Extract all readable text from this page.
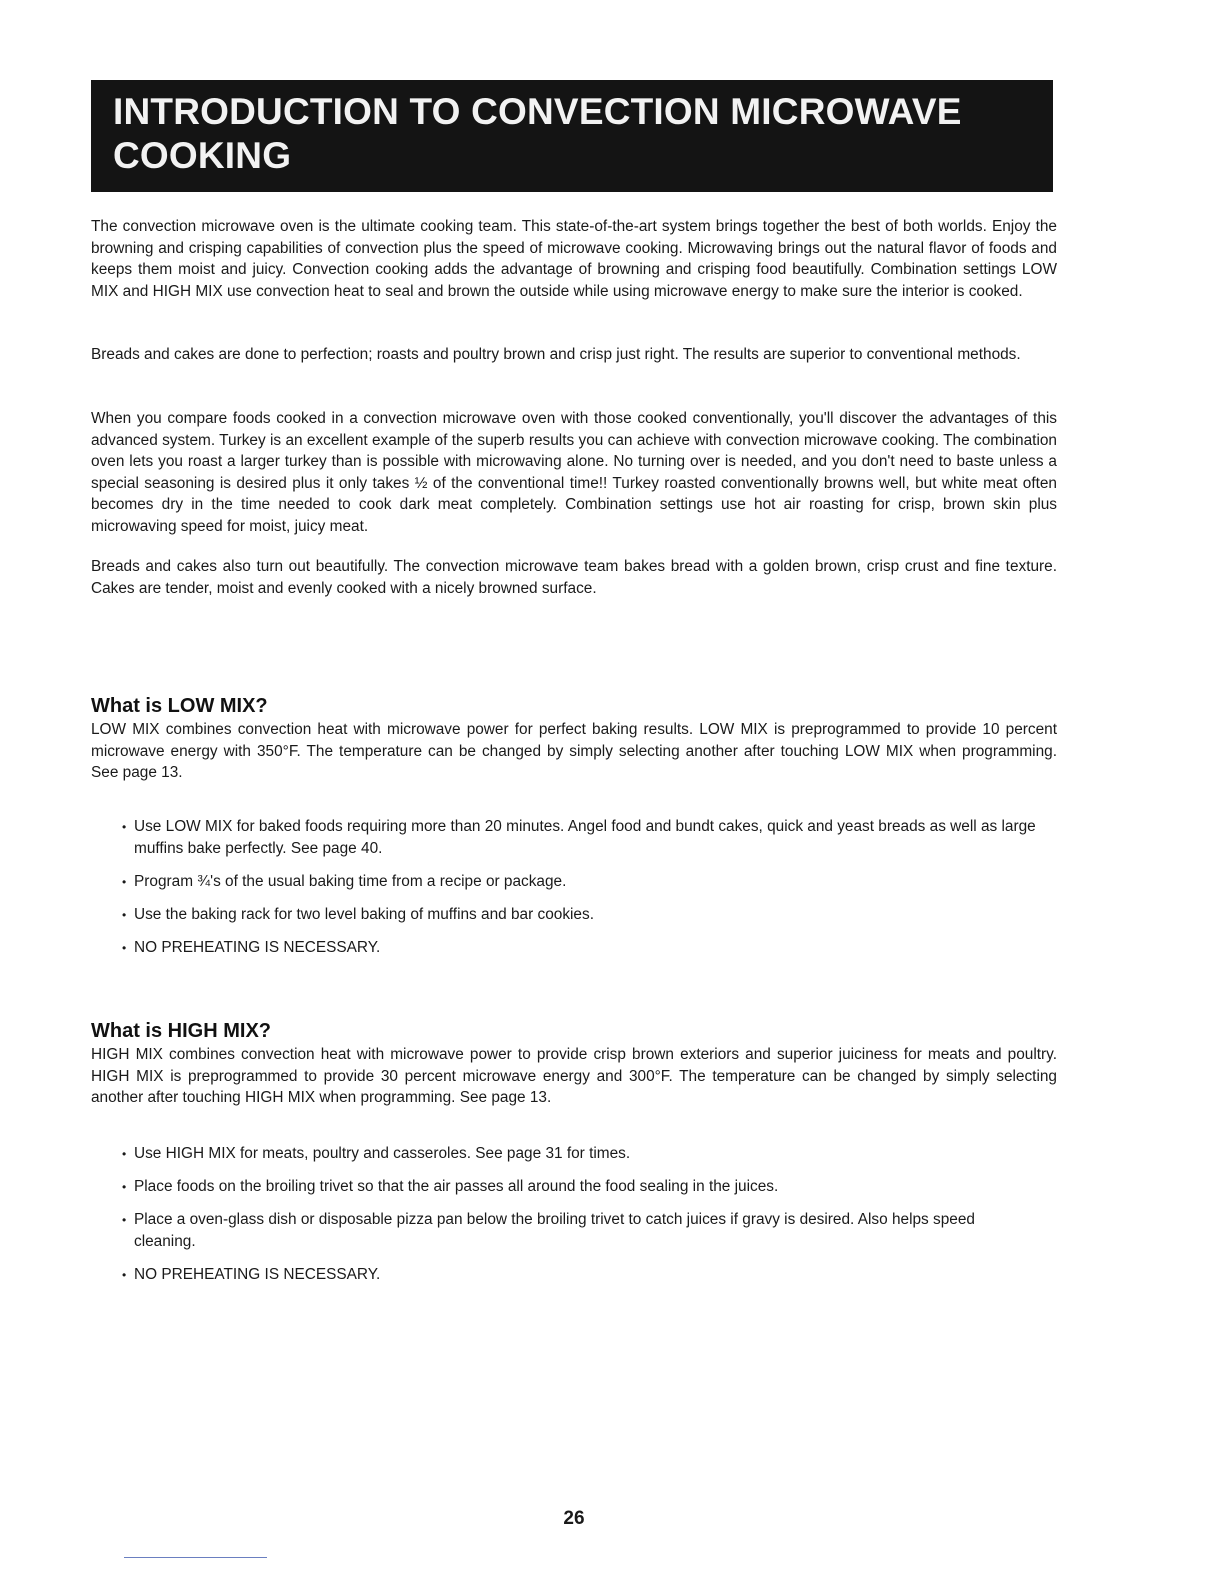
INTRODUCTION TO CONVECTION MICROWAVE
COOKING

The convection microwave oven is the ultimate cooking team. This state-of-the-art system brings together the best of both worlds. Enjoy the browning and crisping capabilities of convection plus the speed of microwave cooking. Microwaving brings out the natural flavor of foods and keeps them moist and juicy. Convection cooking adds the advantage of browning and crisping food beautifully. Combination settings LOW MIX and HIGH MIX use convection heat to seal and brown the outside while using microwave energy to make sure the interior is cooked.

Breads and cakes are done to perfection; roasts and poultry brown and crisp just right. The results are superior to conventional methods.

When you compare foods cooked in a convection microwave oven with those cooked conventionally, you'll discover the advantages of this advanced system. Turkey is an excellent example of the superb results you can achieve with convection microwave cooking. The combination oven lets you roast a larger turkey than is possible with microwaving alone. No turning over is needed, and you don't need to baste unless a special seasoning is desired plus it only takes ½ of the conventional time!! Turkey roasted conventionally browns well, but white meat often becomes dry in the time needed to cook dark meat completely. Combination settings use hot air roasting for crisp, brown skin plus microwaving speed for moist, juicy meat.

Breads and cakes also turn out beautifully. The convection microwave team bakes bread with a golden brown, crisp crust and fine texture. Cakes are tender, moist and evenly cooked with a nicely browned surface.

What is LOW MIX?

LOW MIX combines convection heat with microwave power for perfect baking results. LOW MIX is preprogrammed to provide 10 percent microwave energy with 350°F. The temperature can be changed by simply selecting another after touching LOW MIX when programming. See page 13.

• Use LOW MIX for baked foods requiring more than 20 minutes. Angel food and bundt cakes, quick and yeast breads as well as large muffins bake perfectly. See page 40.
• Program ¾'s of the usual baking time from a recipe or package.
• Use the baking rack for two level baking of muffins and bar cookies.
• NO PREHEATING IS NECESSARY.
What is HIGH MIX?

HIGH MIX combines convection heat with microwave power to provide crisp brown exteriors and superior juiciness for meats and poultry. HIGH MIX is preprogrammed to provide 30 percent microwave energy and 300°F. The temperature can be changed by simply selecting another after touching HIGH MIX when programming. See page 13.

• Use HIGH MIX for meats, poultry and casseroles. See page 31 for times.
• Place foods on the broiling trivet so that the air passes all around the food sealing in the juices.
• Place a oven-glass dish or disposable pizza pan below the broiling trivet to catch juices if gravy is desired. Also helps speed cleaning.
• NO PREHEATING IS NECESSARY.

26
